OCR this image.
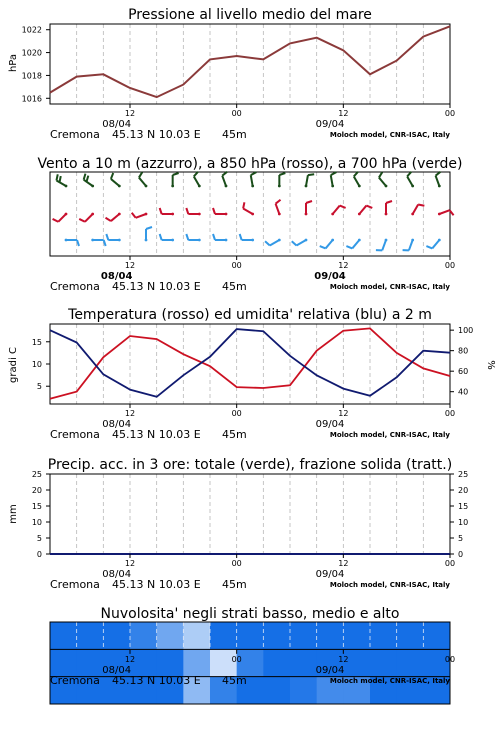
Pressione al livello medio del mare
hPa
1016
1018
1020
1022
12	00	12	00
08/04	09/04
Cremona 45.13 N 10.03 E 45m	Moloch model, CNR-ISAC, Italy
Vento a 10 m (azzurro), a 850 hPa (rosso), a 700 hPa (verde)
12	00	12	00
08/04	09/04
Cremona 45.13 N 10.03 E 45m	Moloch model, CNR-ISAC, Italy
Temperatura (rosso) ed umidita' relativa (blu) a 2 m
gradi C	%
5
10
15
40
60
80
100
12	00	12	00
08/04	09/04
Cremona 45.13 N 10.03 E 45m	Moloch model, CNR-ISAC, Italy
Precip. acc. in 3 ore: totale (verde), frazione solida (tratt.)
mm
0
5
10
15
20
25
0
5
10
15
20
25
12	00	12	00
08/04	09/04
Cremona 45.13 N 10.03 E 45m	Moloch model, CNR-ISAC, Italy
Nuvolosita' negli strati basso, medio e alto
12	00	12	00
08/04	09/04
Cremona 45.13 N 10.03 E 45m	Moloch model, CNR-ISAC, Italy
